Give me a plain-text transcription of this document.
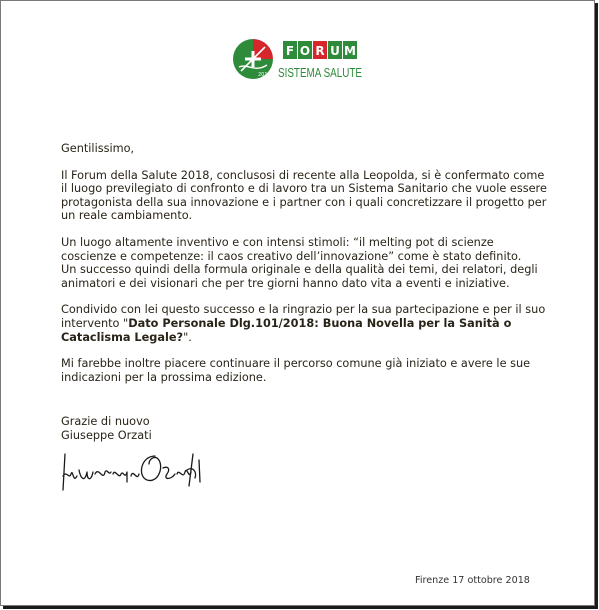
2018
F O R U M
SISTEMA SALUTE

Gentilissimo,

Il Forum della Salute 2018, conclusosi di recente alla Leopolda, si è confermato come il luogo previlegiato di confronto e di lavoro tra un Sistema Sanitario che vuole essere protagonista della sua innovazione e i partner con i quali concretizzare il progetto per un reale cambiamento.

Un luogo altamente inventivo e con intensi stimoli: “il melting pot di scienze coscienze e competenze: il caos creativo dell’innovazione” come è stato definito.

Un successo quindi della formula originale e della qualità dei temi, dei relatori, degli animatori e dei visionari che per tre giorni hanno dato vita a eventi e iniziative.

Condivido con lei questo successo e la ringrazio per la sua partecipazione e per il suo intervento "Dato Personale Dlg.101/2018: Buona Novella per la Sanità o Cataclisma Legale?".

Mi farebbe inoltre piacere continuare il percorso comune già iniziato e avere le sue indicazioni per la prossima edizione.

Grazie di nuovo
Giuseppe Orzati
Firenze 17 ottobre 2018
